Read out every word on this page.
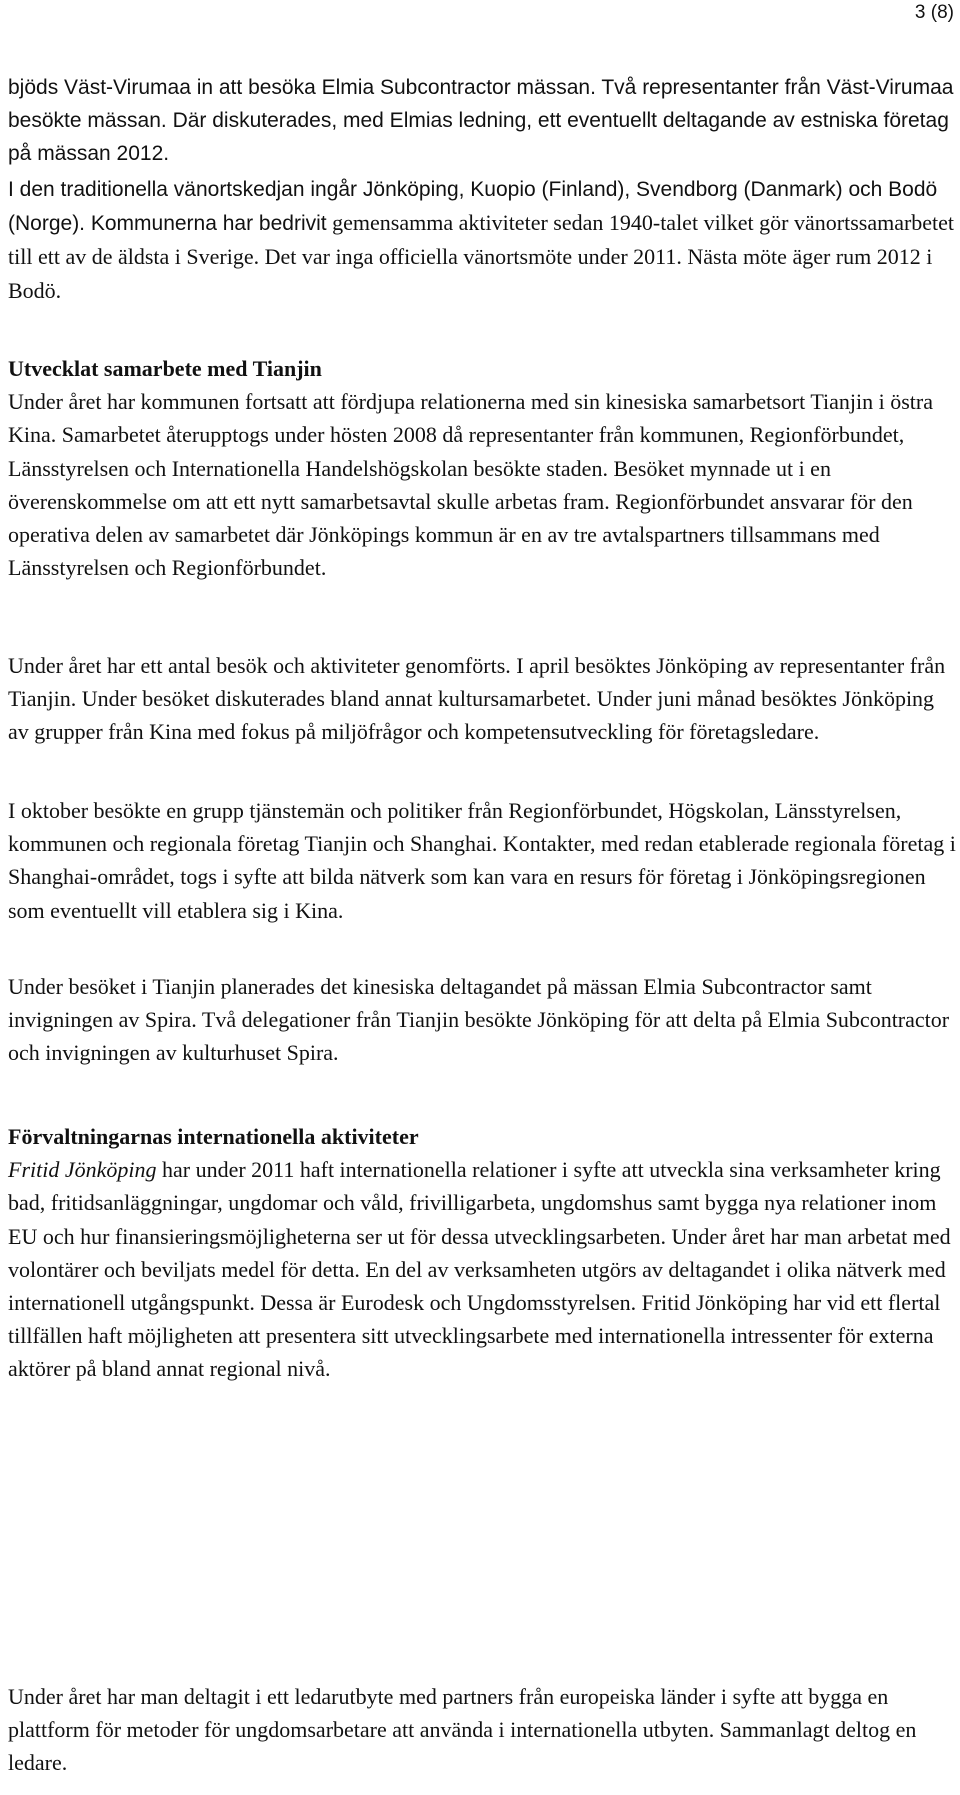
3 (8)

bjöds Väst-Virumaa in att besöka Elmia Subcontractor mässan. Två representanter från Väst-Virumaa besökte mässan. Där diskuterades, med Elmias ledning, ett eventuellt deltagande av estniska företag på mässan 2012.

I den traditionella vänortskedjan ingår Jönköping, Kuopio (Finland), Svendborg (Danmark) och Bodö (Norge). Kommunerna har bedrivit gemensamma aktiviteter sedan 1940-talet vilket gör vänortssamarbetet till ett av de äldsta i Sverige. Det var inga officiella vänortsmöte under 2011. Nästa möte äger rum 2012 i Bodö.
Utvecklat samarbete med Tianjin
Under året har kommunen fortsatt att fördjupa relationerna med sin kinesiska samarbetsort Tianjin i östra Kina. Samarbetet återupptogs under hösten 2008 då representanter från kommunen, Regionförbundet, Länsstyrelsen och Internationella Handelshögskolan besökte staden. Besöket mynnade ut i en överenskommelse om att ett nytt samarbetsavtal skulle arbetas fram. Regionförbundet ansvarar för den operativa delen av samarbetet där Jönköpings kommun är en av tre avtalspartners tillsammans med Länsstyrelsen och Regionförbundet.

Under året har ett antal besök och aktiviteter genomförts. I april besöktes Jönköping av representanter från Tianjin. Under besöket diskuterades bland annat kultursamarbetet. Under juni månad besöktes Jönköping av grupper från Kina med fokus på miljöfrågor och kompetensutveckling för företagsledare.

I oktober besökte en grupp tjänstemän och politiker från Regionförbundet, Högskolan, Länsstyrelsen, kommunen och regionala företag Tianjin och Shanghai. Kontakter, med redan etablerade regionala företag i Shanghai-området, togs i syfte att bilda nätverk som kan vara en resurs för företag i Jönköpingsregionen som eventuellt vill etablera sig i Kina.

Under besöket i Tianjin planerades det kinesiska deltagandet på mässan Elmia Subcontractor samt invigningen av Spira. Två delegationer från Tianjin besökte Jönköping för att delta på Elmia Subcontractor och invigningen av kulturhuset Spira.

Förvaltningarnas internationella aktiviteter
Fritid Jönköping har under 2011 haft internationella relationer i syfte att utveckla sina verksamheter kring bad, fritidsanläggningar, ungdomar och våld, frivilligarbeta, ungdomshus samt bygga nya relationer inom EU och hur finansieringsmöjligheterna ser ut för dessa utvecklingsarbeten. Under året har man arbetat med volontärer och beviljats medel för detta. En del av verksamheten utgörs av deltagandet i olika nätverk med internationell utgångspunkt. Dessa är Eurodesk och Ungdomsstyrelsen. Fritid Jönköping har vid ett flertal tillfällen haft möjligheten att presentera sitt utvecklingsarbete med internationella intressenter för externa aktörer på bland annat regional nivå.

Under året har man deltagit i ett ledarutbyte med partners från europeiska länder i syfte att bygga en plattform för metoder för ungdomsarbetare att använda i internationella utbyten. Sammanlagt deltog en ledare.
